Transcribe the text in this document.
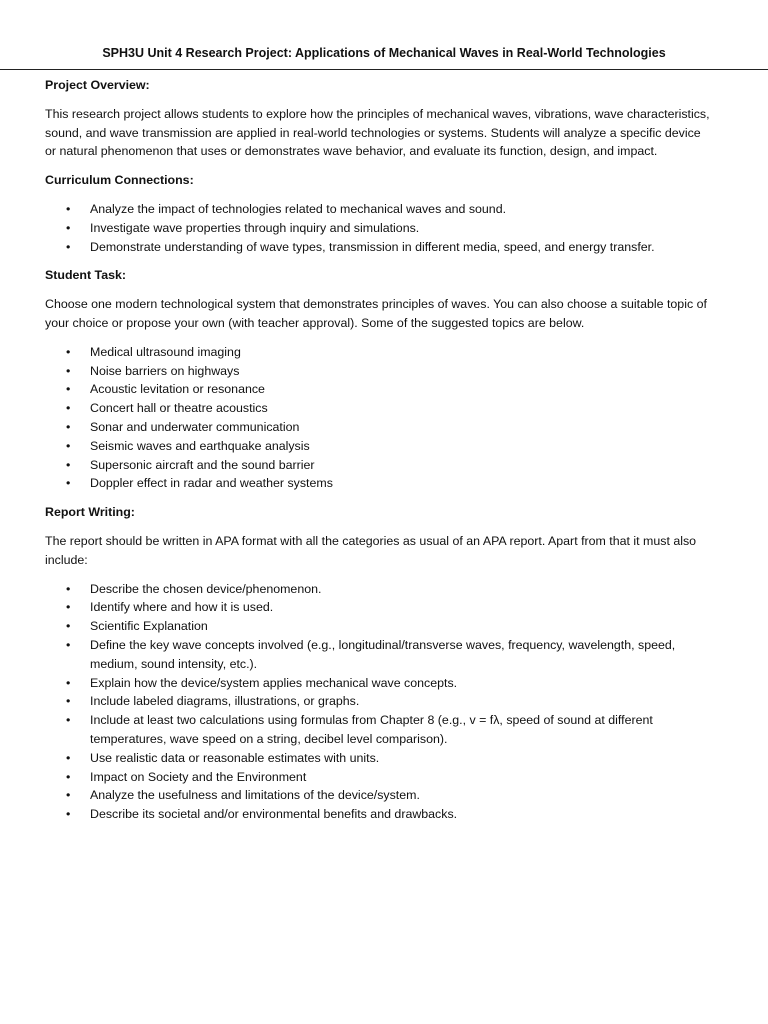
SPH3U Unit 4 Research Project: Applications of Mechanical Waves in Real-World Technologies

Project Overview:

This research project allows students to explore how the principles of mechanical waves, vibrations, wave characteristics,
sound, and wave transmission are applied in real-world technologies or systems. Students will analyze a specific device
or natural phenomenon that uses or demonstrates wave behavior, and evaluate its function, design, and impact.

Curriculum Connections:

• Analyze the impact of technologies related to mechanical waves and sound.
• Investigate wave properties through inquiry and simulations.
• Demonstrate understanding of wave types, transmission in different media, speed, and energy transfer.

Student Task:

Choose one modern technological system that demonstrates principles of waves. You can also choose a suitable topic of
your choice or propose your own (with teacher approval). Some of the suggested topics are below.
• Medical ultrasound imaging
• Noise barriers on highways
• Acoustic levitation or resonance
• Concert hall or theatre acoustics
• Sonar and underwater communication
• Seismic waves and earthquake analysis
• Supersonic aircraft and the sound barrier
• Doppler effect in radar and weather systems

Report Writing:

The report should be written in APA format with all the categories as usual of an APA report. Apart from that it must also
include:
• Describe the chosen device/phenomenon.
• Identify where and how it is used.
• Scientific Explanation
• Define the key wave concepts involved (e.g., longitudinal/transverse waves, frequency, wavelength, speed,
medium, sound intensity, etc.).
• Explain how the device/system applies mechanical wave concepts.
• Include labeled diagrams, illustrations, or graphs.
• Include at least two calculations using formulas from Chapter 8 (e.g., v = fλ, speed of sound at different
temperatures, wave speed on a string, decibel level comparison).
• Use realistic data or reasonable estimates with units.
• Impact on Society and the Environment
• Analyze the usefulness and limitations of the device/system.
• Describe its societal and/or environmental benefits and drawbacks.
